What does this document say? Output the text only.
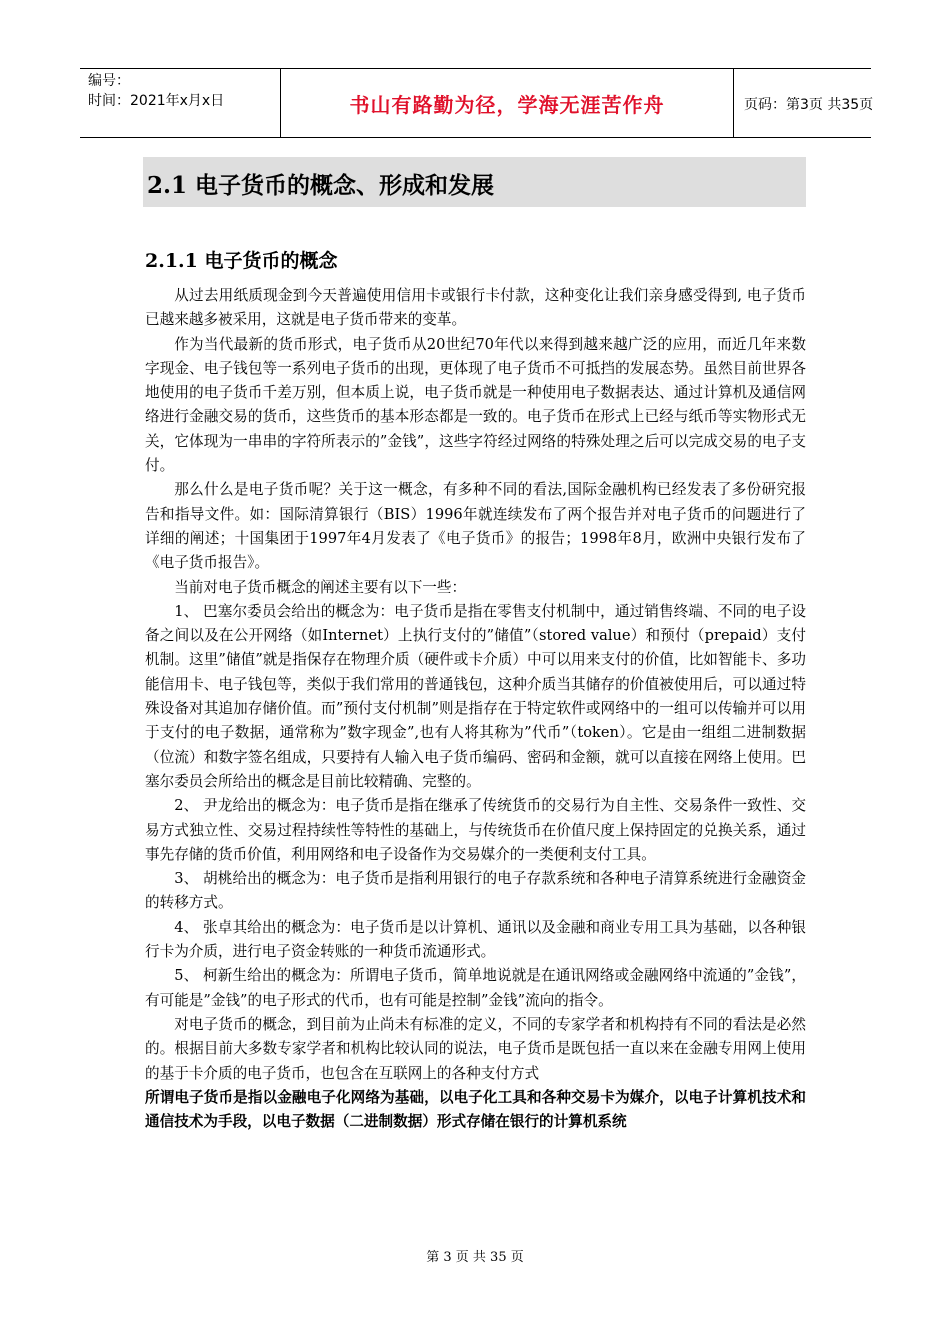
编号：
时间：2021年x月x日	书山有路勤为径，学海无涯苦作舟	页码：第3页 共35页
2.1 电子货币的概念、形成和发展
2.1.1 电子货币的概念

从过去用纸质现金到今天普遍使用信用卡或银行卡付款，这种变化让我们亲身感受得到, 电子货币已越来越多被采用，这就是电子货币带来的变革。

作为当代最新的货币形式，电子货币从20世纪70年代以来得到越来越广泛的应用，而近几年来数字现金、电子钱包等一系列电子货币的出现，更体现了电子货币不可抵挡的发展态势。虽然目前世界各地使用的电子货币千差万别，但本质上说，电子货币就是一种使用电子数据表达、通过计算机及通信网络进行金融交易的货币，这些货币的基本形态都是一致的。电子货币在形式上已经与纸币等实物形式无关，它体现为一串串的字符所表示的”金钱”，这些字符经过网络的特殊处理之后可以完成交易的电子支付。

那么什么是电子货币呢？关于这一概念，有多种不同的看法,国际金融机构已经发表了多份研究报告和指导文件。如：国际清算银行（BIS）1996年就连续发布了两个报告并对电子货币的问题进行了详细的阐述；十国集团于1997年4月发表了《电子货币》的报告；1998年8月，欧洲中央银行发布了《电子货币报告》。

当前对电子货币概念的阐述主要有以下一些：

1、 巴塞尔委员会给出的概念为：电子货币是指在零售支付机制中，通过销售终端、不同的电子设备之间以及在公开网络（如Internet）上执行支付的”储值”（stored value）和预付（prepaid）支付机制。这里”储值”就是指保存在物理介质（硬件或卡介质）中可以用来支付的价值，比如智能卡、多功能信用卡、电子钱包等，类似于我们常用的普通钱包，这种介质当其储存的价值被使用后，可以通过特殊设备对其追加存储价值。而”预付支付机制”则是指存在于特定软件或网络中的一组可以传输并可以用于支付的电子数据，通常称为”数字现金”,也有人将其称为”代币”（token）。它是由一组组二进制数据（位流）和数字签名组成，只要持有人输入电子货币编码、密码和金额，就可以直接在网络上使用。巴塞尔委员会所给出的概念是目前比较精确、完整的。

2、 尹龙给出的概念为：电子货币是指在继承了传统货币的交易行为自主性、交易条件一致性、交易方式独立性、交易过程持续性等特性的基础上，与传统货币在价值尺度上保持固定的兑换关系，通过事先存储的货币价值，利用网络和电子设备作为交易媒介的一类便利支付工具。

3、 胡桃给出的概念为：电子货币是指利用银行的电子存款系统和各种电子清算系统进行金融资金的转移方式。

4、 张卓其给出的概念为：电子货币是以计算机、通讯以及金融和商业专用工具为基础，以各种银行卡为介质，进行电子资金转账的一种货币流通形式。

5、 柯新生给出的概念为：所谓电子货币，简单地说就是在通讯网络或金融网络中流通的”金钱”，有可能是”金钱”的电子形式的代币，也有可能是控制”金钱”流向的指令。

对电子货币的概念，到目前为止尚未有标准的定义，不同的专家学者和机构持有不同的看法是必然的。根据目前大多数专家学者和机构比较认同的说法，电子货币是既包括一直以来在金融专用网上使用的基于卡介质的电子货币，也包含在互联网上的各种支付方式

所谓电子货币是指以金融电子化网络为基础，以电子化工具和各种交易卡为媒介，以电子计算机技术和通信技术为手段，以电子数据（二进制数据）形式存储在银行的计算机系统

第 3 页 共 35 页
